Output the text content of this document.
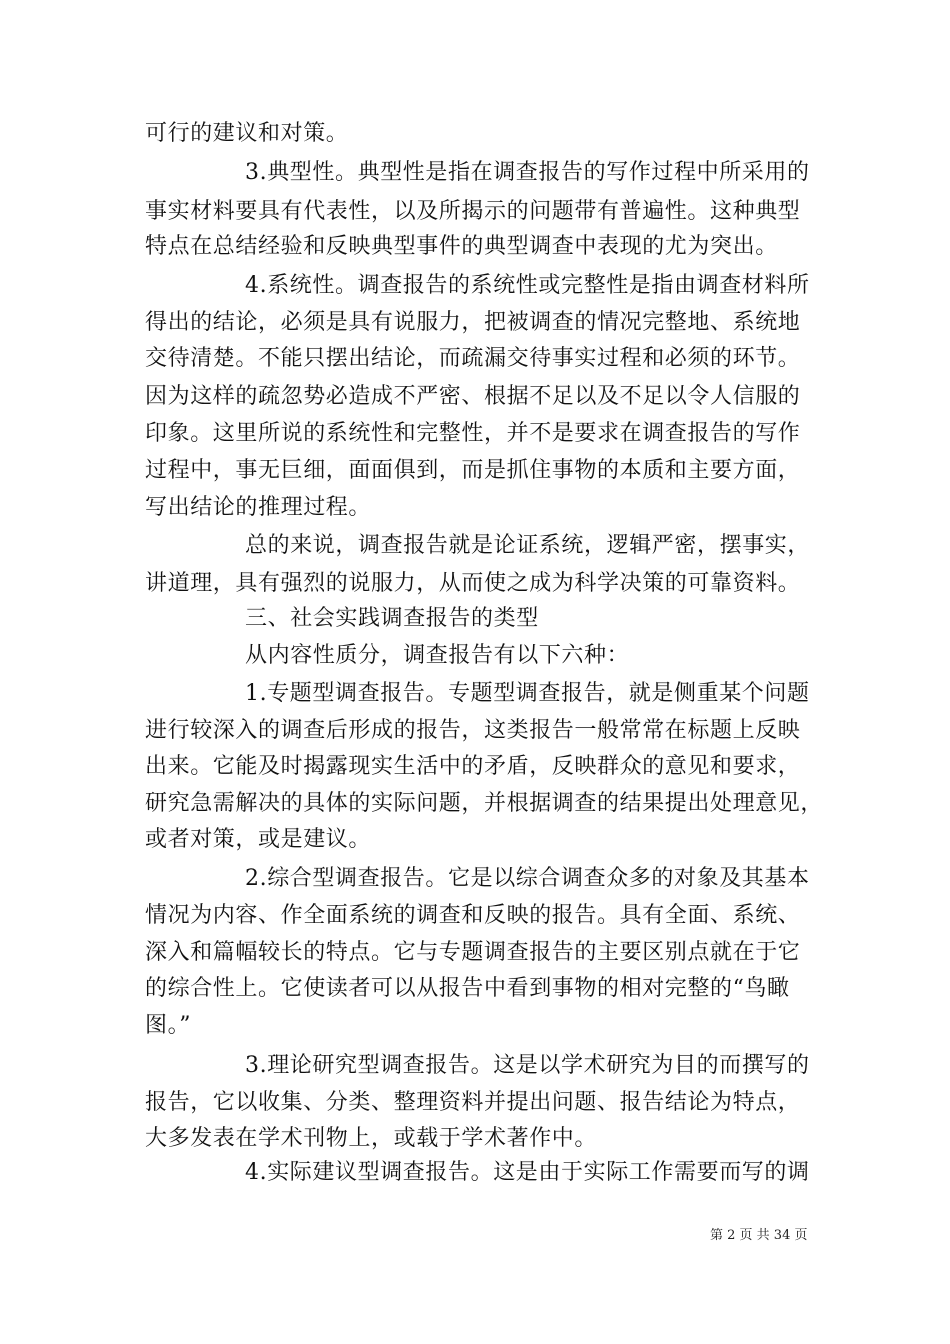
可行的建议和对策。
3.典型性。典型性是指在调查报告的写作过程中所采用的
事实材料要具有代表性，以及所揭示的问题带有普遍性。这种典型
特点在总结经验和反映典型事件的典型调查中表现的尤为突出。
4.系统性。调查报告的系统性或完整性是指由调查材料所
得出的结论，必须是具有说服力，把被调查的情况完整地、系统地
交待清楚。不能只摆出结论，而疏漏交待事实过程和必须的环节。
因为这样的疏忽势必造成不严密、根据不足以及不足以令人信服的
印象。这里所说的系统性和完整性，并不是要求在调查报告的写作
过程中，事无巨细，面面俱到，而是抓住事物的本质和主要方面，
写出结论的推理过程。
总的来说，调查报告就是论证系统，逻辑严密，摆事实，
讲道理，具有强烈的说服力，从而使之成为科学决策的可靠资料。
三、社会实践调查报告的类型
从内容性质分，调查报告有以下六种：
1.专题型调查报告。专题型调查报告，就是侧重某个问题
进行较深入的调查后形成的报告，这类报告一般常常在标题上反映
出来。它能及时揭露现实生活中的矛盾，反映群众的意见和要求，
研究急需解决的具体的实际问题，并根据调查的结果提出处理意见，
或者对策，或是建议。
2.综合型调查报告。它是以综合调查众多的对象及其基本
情况为内容、作全面系统的调查和反映的报告。具有全面、系统、
深入和篇幅较长的特点。它与专题调查报告的主要区别点就在于它
的综合性上。它使读者可以从报告中看到事物的相对完整的“鸟瞰
图。”
3.理论研究型调查报告。这是以学术研究为目的而撰写的
报告，它以收集、分类、整理资料并提出问题、报告结论为特点，
大多发表在学术刊物上，或载于学术著作中。
4.实际建议型调查报告。这是由于实际工作需要而写的调
第 2 页 共 34 页
